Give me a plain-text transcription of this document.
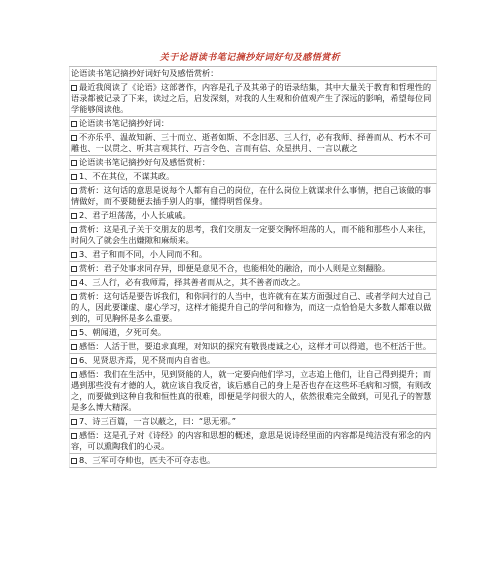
关于论语读书笔记摘抄好词好句及感悟赏析
论语读书笔记摘抄好词好句及感悟赏析：
最近我阅读了《论语》这部著作，内容是孔子及其弟子的语录结集，其中大量关于教育和哲理性的语录都被记录了下来，读过之后，启发深刻，对我的人生观和价值观产生了深远的影响，希望每位同学能够阅读他。
论语读书笔记摘抄好词：
不亦乐乎、温故知新、三十而立、逝者如斯、不念旧恶、三人行，必有我师、择善而从、朽木不可雕也、一以贯之、听其言观其行、巧言令色、言而有信、众星拱月、一言以蔽之
论语读书笔记摘抄好句及感悟赏析：
1、不在其位，不谋其政。
赏析：这句话的意思是说每个人都有自己的岗位，在什么岗位上就谋求什么事情，把自己该做的事情做好，而不要随便去插手别人的事，懂得明哲保身。
2、君子坦荡荡，小人长戚戚。
赏析：这是孔子关于交朋友的思考，我们交朋友一定要交胸怀坦荡的人，而不能和那些小人来往，时间久了就会生出嫌隙和麻烦来。
3、君子和而不同，小人同而不和。
赏析：君子处事求同存异，即便是意见不合，也能相处的融洽，而小人则是立刻翻脸。
4、三人行，必有我师焉，择其善者而从之，其不善者而改之。
赏析：这句话是要告诉我们，和你同行的人当中，也许就有在某方面强过自己、或者学问大过自己的人，因此要谦虚、虚心学习，这样才能提升自己的学问和修为，而这一点恰恰是大多数人都难以做到的，可见胸怀是多么重要。
5、朝闻道，夕死可矣。
感悟：人活于世，要追求真理，对知识的探究有敬畏虔诚之心，这样才可以得道，也不枉活于世。
6、见贤思齐焉，见不贤而内自省也。
感悟：我们在生活中，见到贤能的人，就一定要向他们学习，立志追上他们，让自己得到提升；而遇到那些没有才德的人，就应该自我反省，该后感自己的身上是否也存在这些坏毛病和习惯，有则改之，而要做到这种自我和恒性真的很难，即便是学问很大的人，依然很难完全做到，可见孔子的智慧是多么博大精深。
7、诗三百篇，一言以蔽之，曰：“思无邪。”
感悟：这是孔子对《诗经》的内容和思想的概述，意思是说诗经里面的内容都是纯洁没有邪念的内容，可以熏陶我们的心灵。
8、三军可夺帅也，匹夫不可夺志也。
